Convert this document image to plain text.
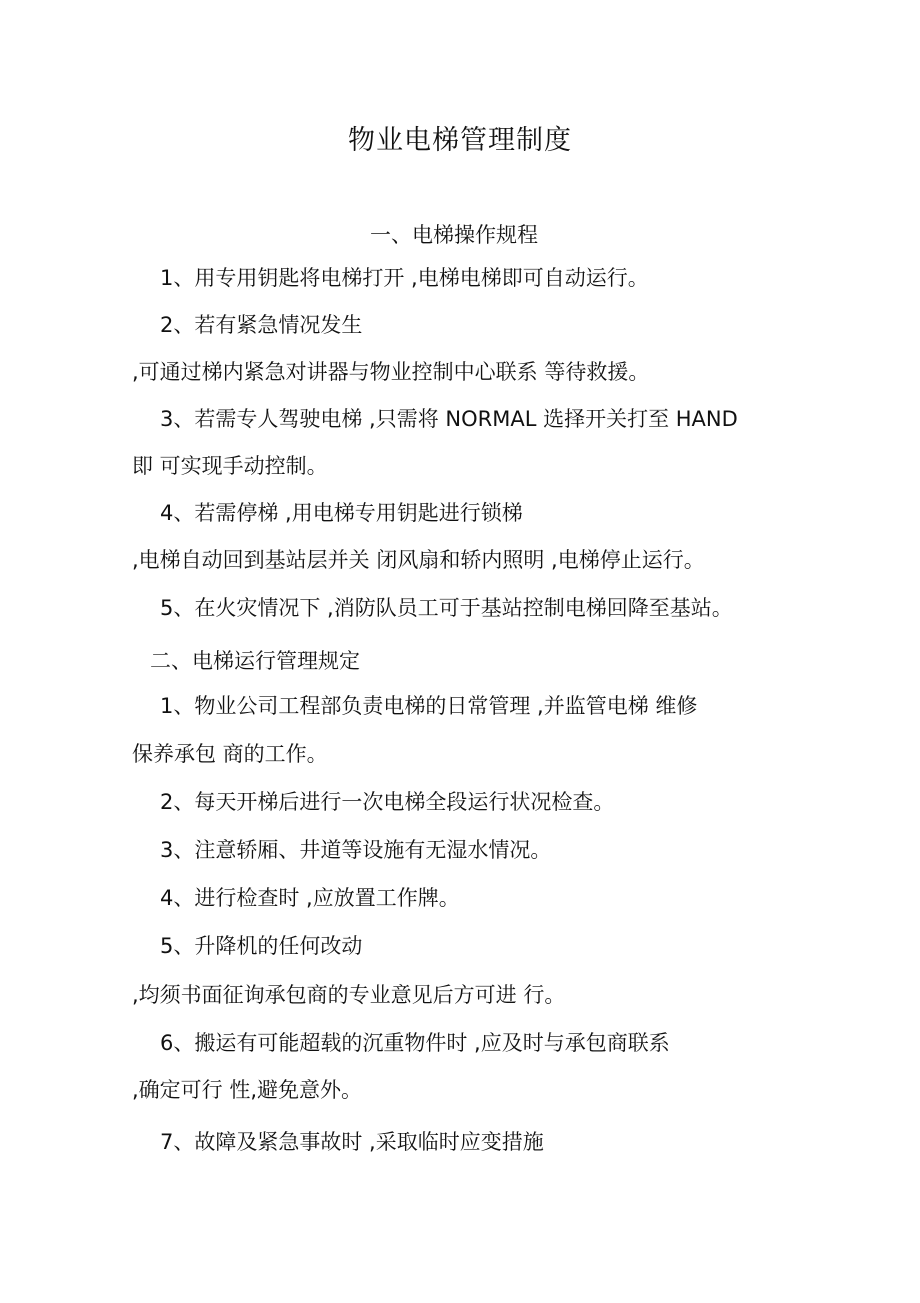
物业电梯管理制度
一、电梯操作规程

1、用专用钥匙将电梯打开 ,电梯电梯即可自动运行。

2、若有紧急情况发生

,可通过梯内紧急对讲器与物业控制中心联系 等待救援。

3、若需专人驾驶电梯 ,只需将 NORMAL 选择开关打至 HAND

即 可实现手动控制。

4、若需停梯 ,用电梯专用钥匙进行锁梯

,电梯自动回到基站层并关 闭风扇和轿内照明 ,电梯停止运行。

5、在火灾情况下 ,消防队员工可于基站控制电梯回降至基站。

二、电梯运行管理规定

1、物业公司工程部负责电梯的日常管理 ,并监管电梯 维修

保养承包 商的工作。

2、每天开梯后进行一次电梯全段运行状况检查。

3、注意轿厢、井道等设施有无湿水情况。

4、进行检查时 ,应放置工作牌。

5、升降机的任何改动

,均须书面征询承包商的专业意见后方可进 行。

6、搬运有可能超载的沉重物件时 ,应及时与承包商联系

,确定可行 性,避免意外。

7、故障及紧急事故时 ,采取临时应变措施
